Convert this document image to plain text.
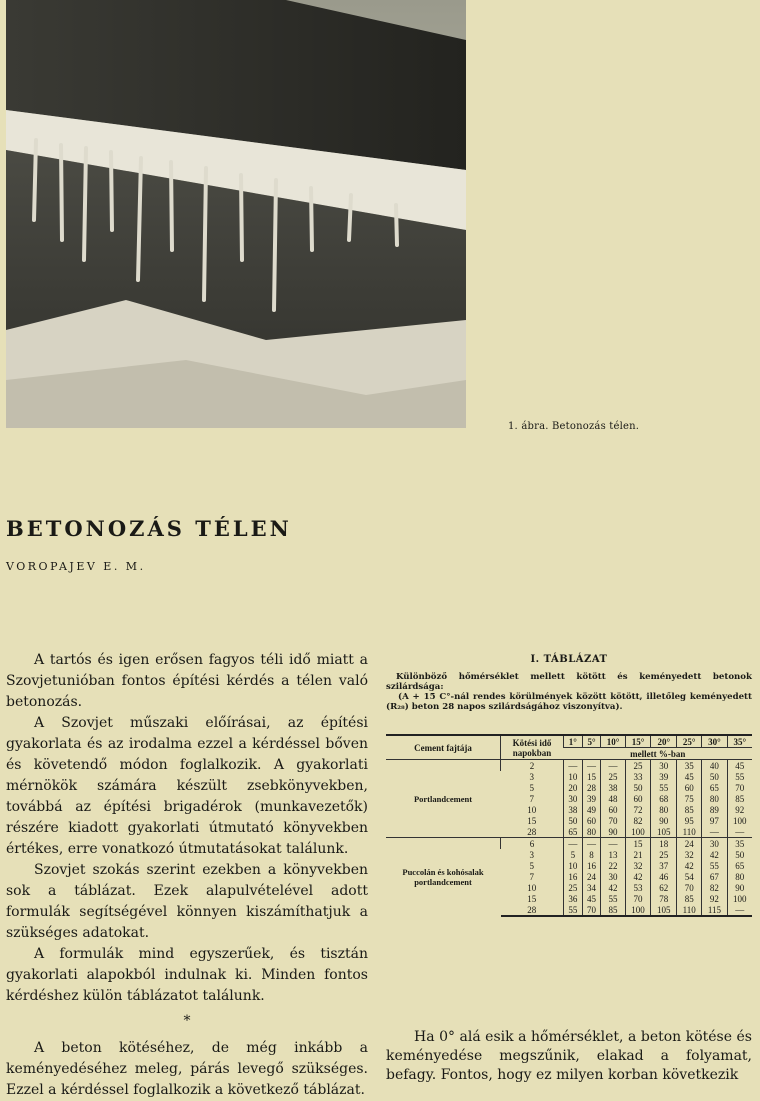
1. ábra. Betonozás télen.
BETONOZÁS TÉLEN
VOROPAJEV E. M.

A tartós és igen erősen fagyos téli idő miatt a Szovjetunióban fontos építési kérdés a télen való betonozás.

A Szovjet műszaki előírásai, az építési gyakorlata és az irodalma ezzel a kérdéssel bőven és követendő módon foglalkozik. A gyakorlati mérnökök számára készült zsebkönyvekben, továbbá az építési brigadérok (munkavezetők) részére kiadott gyakorlati útmutató könyvekben értékes, erre vonatkozó útmutatásokat találunk.

Szovjet szokás szerint ezekben a könyvekben sok a táblázat. Ezek alapulvételével adott formulák segítségével könnyen kiszámíthatjuk a szükséges adatokat.

A formulák mind egyszerűek, és tisztán gyakorlati alapokból indulnak ki. Minden fontos kérdéshez külön táblázatot találunk.

*

A beton kötéséhez, de még inkább a keményedéséhez meleg, párás levegő szükséges. Ezzel a kérdéssel foglalkozik a következő táblázat.

I. TÁBLÁZAT

Különböző hőmérséklet mellett kötött és keményedett betonok szilárdsága:

(A + 15 C°-nál rendes körülmények között kötött, illetőleg keményedett (R₂₈) beton 28 napos szilárdságához viszonyítva).

Cement fajtája	Kötési idő napokban	1°	5°	10°	15°	20°	25°	30°	35°
		mellett %-ban							
Portlandcement	2	—	—	—	25	30	35	40	45
	3	10	15	25	33	39	45	50	55
	5	20	28	38	50	55	60	65	70
	7	30	39	48	60	68	75	80	85
	10	38	49	60	72	80	85	89	92
	15	50	60	70	82	90	95	97	100
	28	65	80	90	100	105	110	—	—
Puccolán és kohósalak portlandcement	6	—	—	—	15	18	24	30	35
	3	5	8	13	21	25	32	42	50
	5	10	16	22	32	37	42	55	65
	7	16	24	30	42	46	54	67	80
	10	25	34	42	53	62	70	82	90
	15	36	45	55	70	78	85	92	100
	28	55	70	85	100	105	110	115	—

Ha 0° alá esik a hőmérséklet, a beton kötése és keményedése megszűnik, elakad a folyamat, befagy. Fontos, hogy ez milyen korban következik
